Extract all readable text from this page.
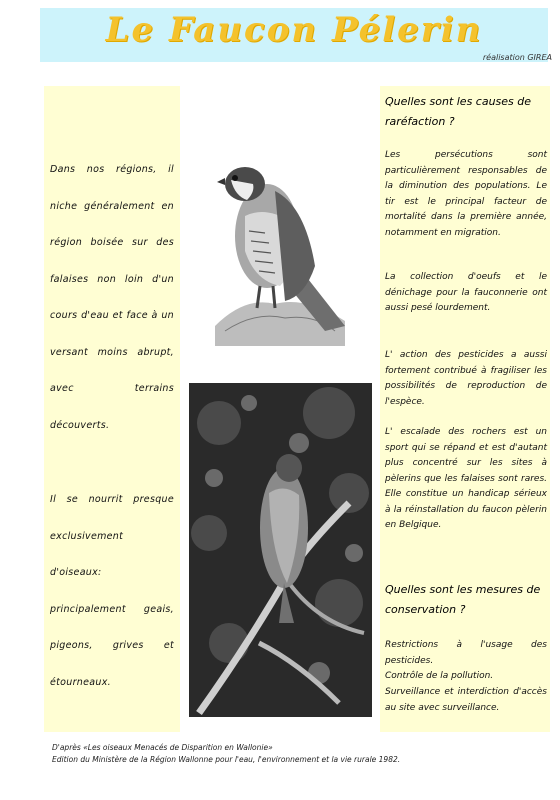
Le Faucon Pélerin
réalisation GIREA
Dans nos régions, il niche généralement en région boisée sur des falaises non loin d'un cours d'eau et face à un versant moins abrupt, avec terrains découverts.
Il se nourrit presque exclusivement d'oiseaux: principalement geais, pigeons, grives et étourneaux.
Quelles sont les causes de raréfaction ?
Les persécutions sont particulièrement responsables de la diminution des populations. Le tir est le principal facteur de mortalité dans la première année, notamment en migration.
La collection d'oeufs et le dénichage pour la fauconnerie ont aussi pesé lourdement.
L' action des pesticides a aussi fortement contribué à fragiliser les possibilités de reproduction de l'espèce.
L' escalade des rochers est un sport qui se répand et est d'autant plus concentré sur les sites à pèlerins que les falaises sont rares. Elle constitue un handicap sérieux à la réinstallation du faucon pèlerin en Belgique.
Quelles sont les mesures de conservation ?
Restrictions à l'usage des pesticides.
Contrôle de la pollution.
Surveillance et interdiction d'accès au site avec surveillance.
D'après «Les oiseaux Menacés de Disparition en Wallonie»
Edition du Ministère de la Région Wallonne pour l'eau, l'environnement et la vie rurale 1982.
